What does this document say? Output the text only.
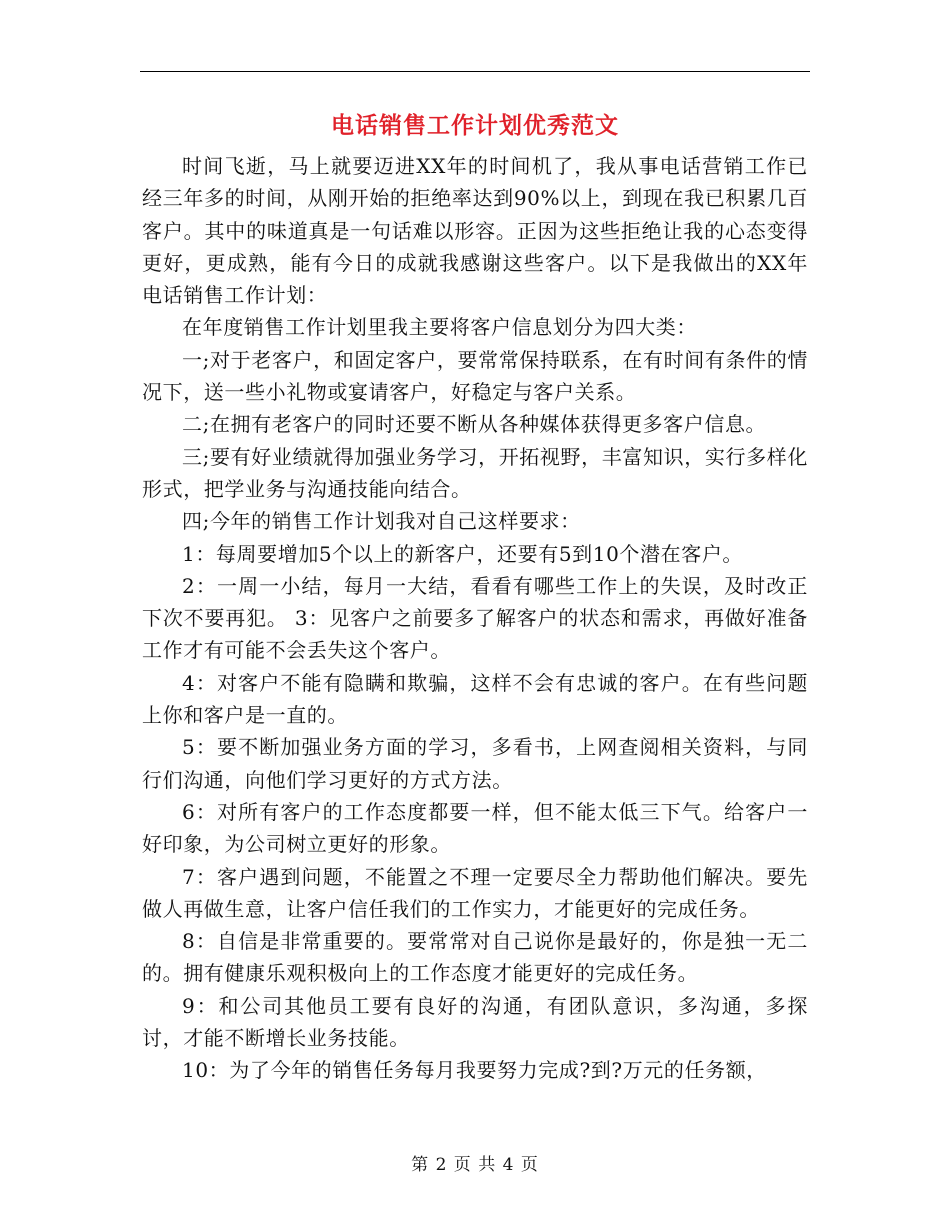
电话销售工作计划优秀范文

时间飞逝，马上就要迈进XX年的时间机了，我从事电话营销工作已经三年多的时间，从刚开始的拒绝率达到90%以上，到现在我已积累几百客户。其中的味道真是一句话难以形容。正因为这些拒绝让我的心态变得更好，更成熟，能有今日的成就我感谢这些客户。以下是我做出的XX年电话销售工作计划：

在年度销售工作计划里我主要将客户信息划分为四大类：

一;对于老客户，和固定客户，要常常保持联系，在有时间有条件的情况下，送一些小礼物或宴请客户，好稳定与客户关系。

二;在拥有老客户的同时还要不断从各种媒体获得更多客户信息。

三;要有好业绩就得加强业务学习，开拓视野，丰富知识，实行多样化形式，把学业务与沟通技能向结合。

四;今年的销售工作计划我对自己这样要求：

1：每周要增加5个以上的新客户，还要有5到10个潜在客户。

2：一周一小结，每月一大结，看看有哪些工作上的失误，及时改正下次不要再犯。 3：见客户之前要多了解客户的状态和需求，再做好准备工作才有可能不会丢失这个客户。

4：对客户不能有隐瞒和欺骗，这样不会有忠诚的客户。在有些问题上你和客户是一直的。

5：要不断加强业务方面的学习，多看书，上网查阅相关资料，与同行们沟通，向他们学习更好的方式方法。

6：对所有客户的工作态度都要一样，但不能太低三下气。给客户一好印象，为公司树立更好的形象。

7：客户遇到问题，不能置之不理一定要尽全力帮助他们解决。要先做人再做生意，让客户信任我们的工作实力，才能更好的完成任务。

8：自信是非常重要的。要常常对自己说你是最好的，你是独一无二的。拥有健康乐观积极向上的工作态度才能更好的完成任务。

9：和公司其他员工要有良好的沟通，有团队意识，多沟通，多探讨，才能不断增长业务技能。

10：为了今年的销售任务每月我要努力完成?到?万元的任务额，

第 2 页 共 4 页
